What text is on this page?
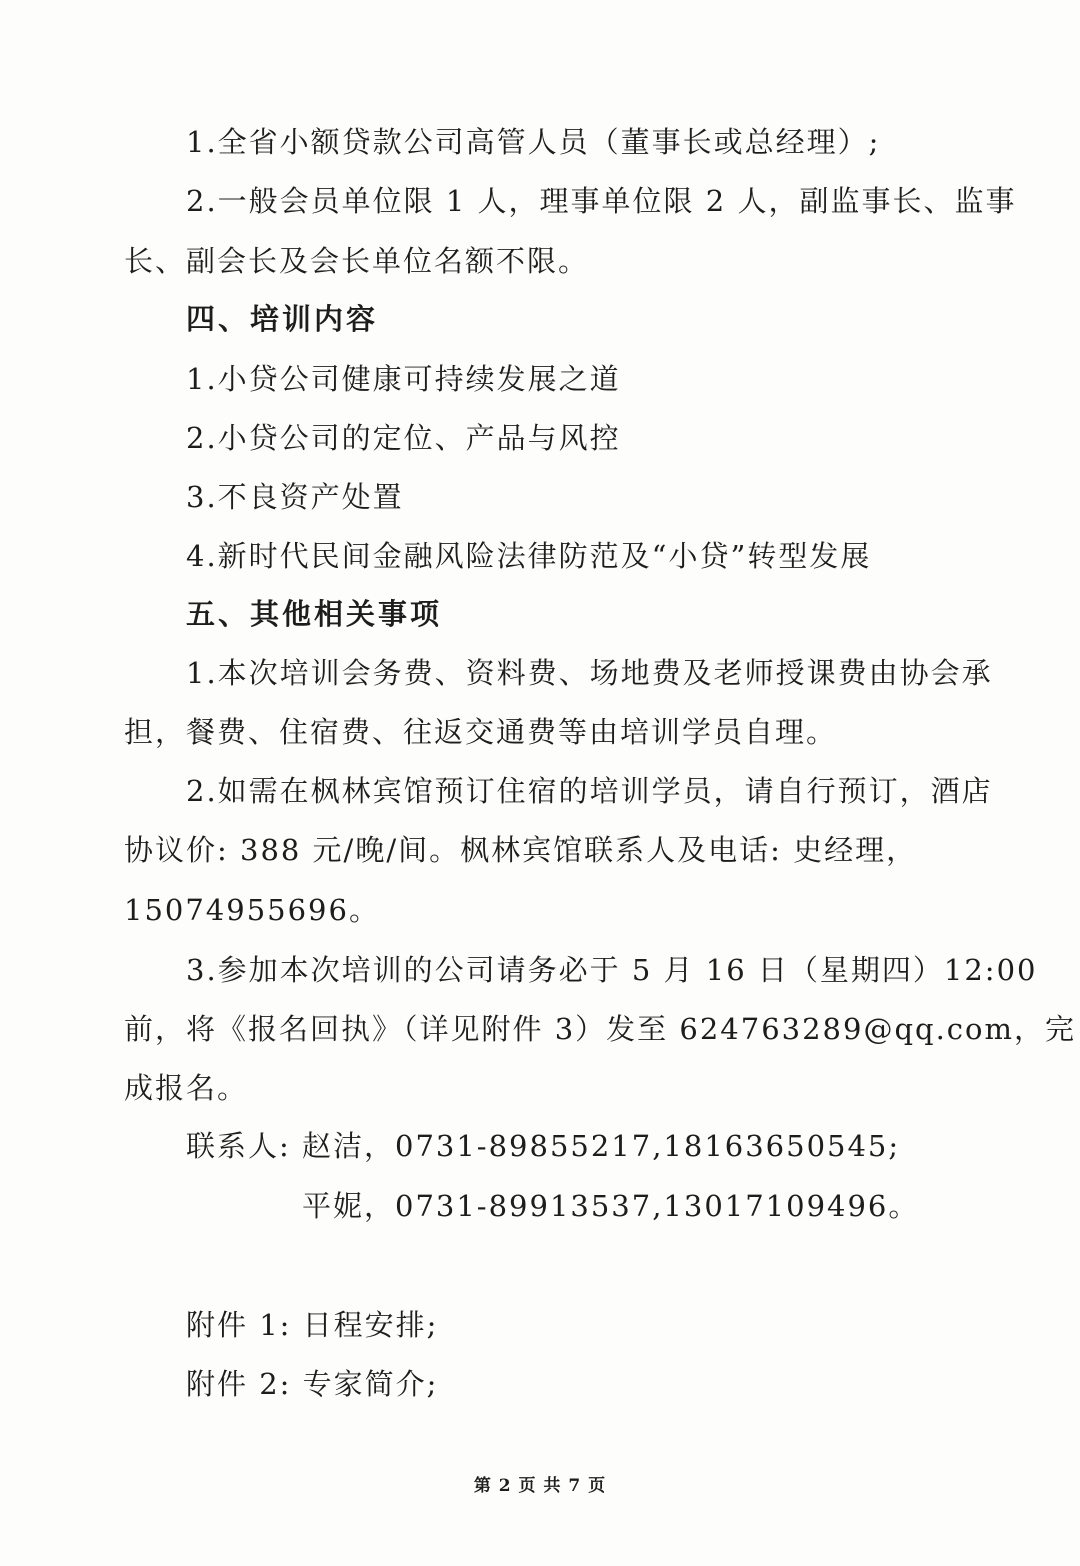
1.全省小额贷款公司高管人员（董事长或总经理）;
2.一般会员单位限 1 人，理事单位限 2 人，副监事长、监事
长、副会长及会长单位名额不限。
四、培训内容
1.小贷公司健康可持续发展之道
2.小贷公司的定位、产品与风控
3.不良资产处置
4.新时代民间金融风险法律防范及“小贷”转型发展
五、其他相关事项
1.本次培训会务费、资料费、场地费及老师授课费由协会承
担，餐费、住宿费、往返交通费等由培训学员自理。
2.如需在枫林宾馆预订住宿的培训学员，请自行预订，酒店
协议价: 388 元/晚/间。枫林宾馆联系人及电话: 史经理，
15074955696。
3.参加本次培训的公司请务必于 5 月 16 日（星期四）12:00
前，将《报名回执》（详见附件 3）发至 624763289@qq.com，完
成报名。
联系人: 赵洁，0731-89855217,18163650545;
平妮，0731-89913537,13017109496。
附件 1: 日程安排;
附件 2: 专家简介;
第 2 页 共 7 页
